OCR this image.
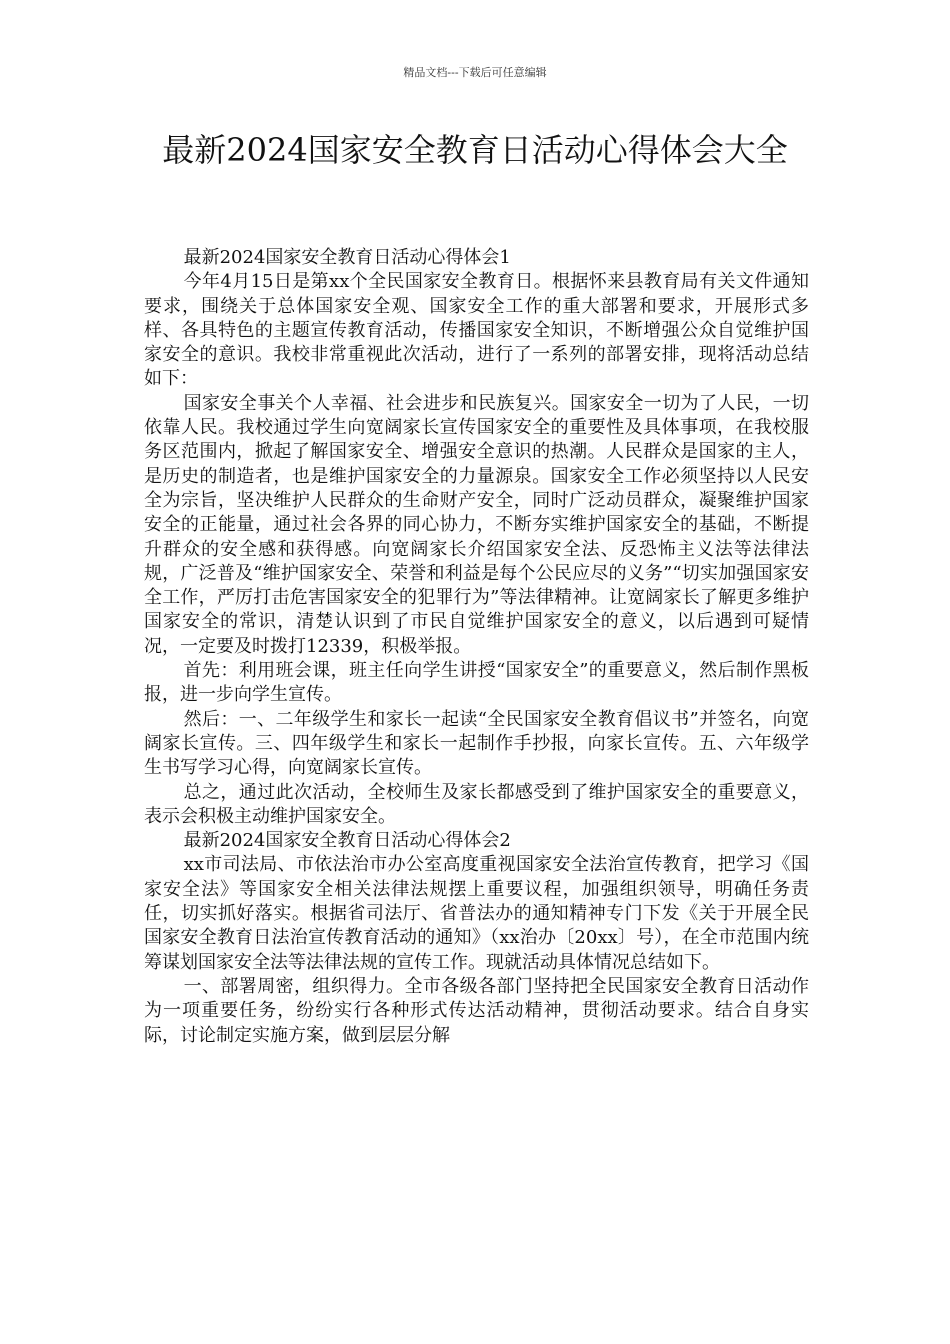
精品文档---下载后可任意编辑
最新2024国家安全教育日活动心得体会大全

最新2024国家安全教育日活动心得体会1

今年4月15日是第xx个全民国家安全教育日。根据怀来县教育局有关文件通知要求，围绕关于总体国家安全观、国家安全工作的重大部署和要求，开展形式多样、各具特色的主题宣传教育活动，传播国家安全知识，不断增强公众自觉维护国家安全的意识。我校非常重视此次活动，进行了一系列的部署安排，现将活动总结如下：

国家安全事关个人幸福、社会进步和民族复兴。国家安全一切为了人民，一切依靠人民。我校通过学生向宽阔家长宣传国家安全的重要性及具体事项，在我校服务区范围内，掀起了解国家安全、增强安全意识的热潮。人民群众是国家的主人，是历史的制造者，也是维护国家安全的力量源泉。国家安全工作必须坚持以人民安全为宗旨，坚决维护人民群众的生命财产安全，同时广泛动员群众，凝聚维护国家安全的正能量，通过社会各界的同心协力，不断夯实维护国家安全的基础，不断提升群众的安全感和获得感。向宽阔家长介绍国家安全法、反恐怖主义法等法律法规，广泛普及“维护国家安全、荣誉和利益是每个公民应尽的义务”“切实加强国家安全工作，严厉打击危害国家安全的犯罪行为”等法律精神。让宽阔家长了解更多维护国家安全的常识，清楚认识到了市民自觉维护国家安全的意义，以后遇到可疑情况，一定要及时拨打12339，积极举报。

首先：利用班会课，班主任向学生讲授“国家安全”的重要意义，然后制作黑板报，进一步向学生宣传。

然后：一、二年级学生和家长一起读“全民国家安全教育倡议书”并签名，向宽阔家长宣传。三、四年级学生和家长一起制作手抄报，向家长宣传。五、六年级学生书写学习心得，向宽阔家长宣传。

总之，通过此次活动，全校师生及家长都感受到了维护国家安全的重要意义，表示会积极主动维护国家安全。

最新2024国家安全教育日活动心得体会2

xx市司法局、市依法治市办公室高度重视国家安全法治宣传教育，把学习《国家安全法》等国家安全相关法律法规摆上重要议程，加强组织领导，明确任务责任，切实抓好落实。根据省司法厅、省普法办的通知精神专门下发《关于开展全民国家安全教育日法治宣传教育活动的通知》（xx治办〔20xx〕号），在全市范围内统筹谋划国家安全法等法律法规的宣传工作。现就活动具体情况总结如下。

一、部署周密，组织得力。全市各级各部门坚持把全民国家安全教育日活动作为一项重要任务，纷纷实行各种形式传达活动精神，贯彻活动要求。结合自身实际，讨论制定实施方案，做到层层分解
